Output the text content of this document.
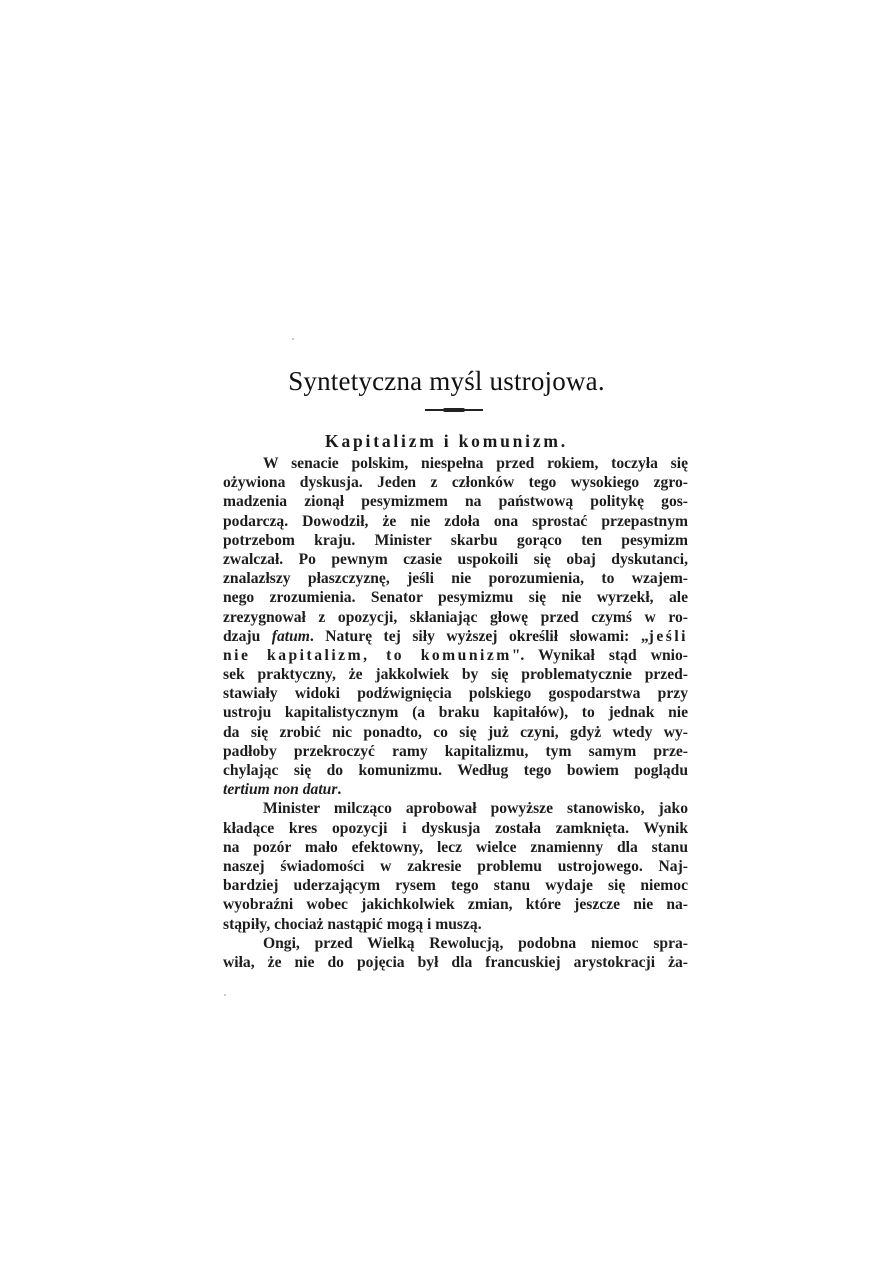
Syntetyczna myśl ustrojowa.
Kapitalizm i komunizm.
W senacie polskim, niespełna przed rokiem, toczyła się
ożywiona dyskusja. Jeden z członków tego wysokiego zgro-
madzenia zionął pesymizmem na państwową politykę gos-
podarczą. Dowodził, że nie zdoła ona sprostać przepastnym
potrzebom kraju. Minister skarbu gorąco ten pesymizm
zwalczał. Po pewnym czasie uspokoili się obaj dyskutanci,
znalazłszy płaszczyznę, jeśli nie porozumienia, to wzajem-
nego zrozumienia. Senator pesymizmu się nie wyrzekł, ale
zrezygnował z opozycji, skłaniając głowę przed czymś w ro-
dzaju fatum. Naturę tej siły wyższej określił słowami: „jeśli
nie kapitalizm, to komunizm". Wynikał stąd wnio-
sek praktyczny, że jakkolwiek by się problematycznie przed-
stawiały widoki podźwignięcia polskiego gospodarstwa przy
ustroju kapitalistycznym (a braku kapitałów), to jednak nie
da się zrobić nic ponadto, co się już czyni, gdyż wtedy wy-
padłoby przekroczyć ramy kapitalizmu, tym samym prze-
chylając się do komunizmu. Według tego bowiem poglądu
tertium non datur.
Minister milcząco aprobował powyższe stanowisko, jako
kładące kres opozycji i dyskusja została zamknięta. Wynik
na pozór mało efektowny, lecz wielce znamienny dla stanu
naszej świadomości w zakresie problemu ustrojowego. Naj-
bardziej uderzającym rysem tego stanu wydaje się niemoc
wyobraźni wobec jakichkolwiek zmian, które jeszcze nie na-
stąpiły, chociaż nastąpić mogą i muszą.
Ongi, przed Wielką Rewolucją, podobna niemoc spra-
wiła, że nie do pojęcia był dla francuskiej arystokracji ża-
